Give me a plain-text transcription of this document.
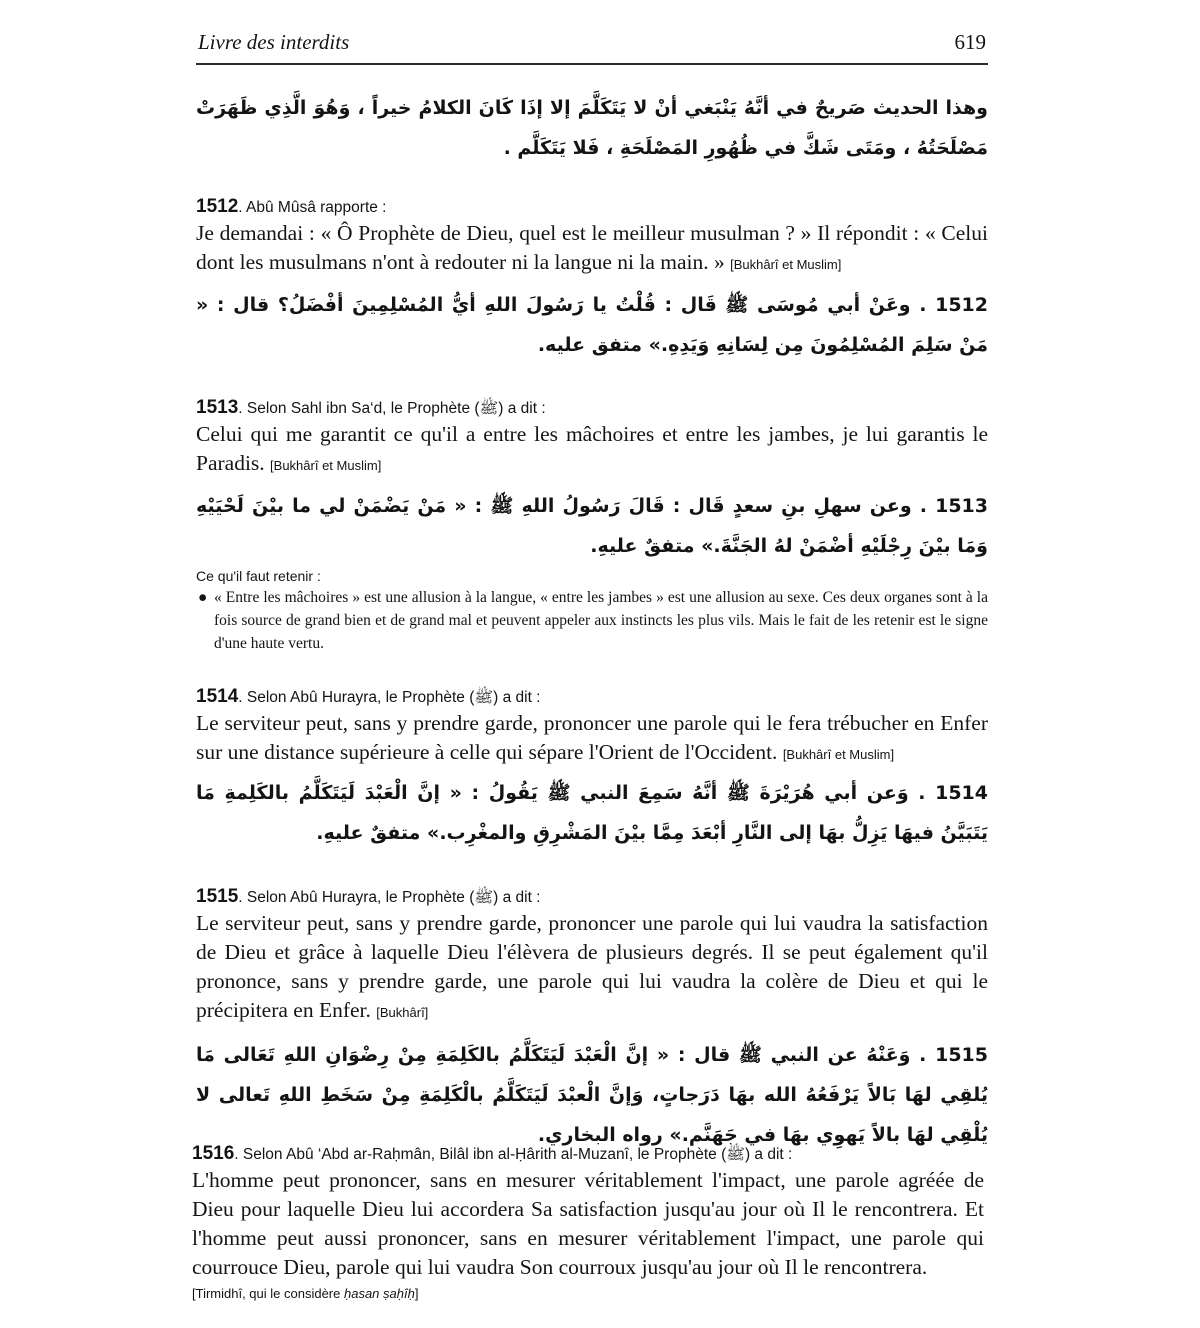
Livre des interdits	619
وهذا الحديث صَريحٌ في أنَّهُ يَنْبَغي أنْ لا يَتَكَلَّمَ إلا إذَا كَانَ الكلامُ خيراً ، وَهُوَ الَّذِي ظَهَرَتْ مَصْلَحَتُهُ ، ومَتَى شَكَّ في ظُهُورِ المَصْلَحَةِ ، فَلا يَتَكَلَّم .
1512. Abû Mûsâ rapporte :
Je demandai : « Ô Prophète de Dieu, quel est le meilleur musulman ? » Il répondit : « Celui dont les musulmans n'ont à redouter ni la langue ni la main. » [Bukhârî et Muslim]
1512 . وعَنْ أبي مُوسَى ﷺ قَال : قُلْتُ يا رَسُولَ اللهِ أيُّ المُسْلِمِينَ أفْضَلُ؟ قال : « مَنْ سَلِمَ المُسْلِمُونَ مِن لِسَانِهِ وَيَدِهِ.» متفق عليه.
1513. Selon Sahl ibn Sa‘d, le Prophète (ﷺ) a dit :
Celui qui me garantit ce qu'il a entre les mâchoires et entre les jambes, je lui garantis le Paradis. [Bukhârî et Muslim]
1513 . وعن سهلِ بنِ سعدٍ قَال : قَالَ رَسُولُ اللهِ ﷺ : « مَنْ يَضْمَنْ لي ما بيْنَ لَحْيَيْهِ وَمَا بيْنَ رِجْلَيْهِ أضْمَنْ لهُ الجَنَّةَ.» متفقٌ عليهِ.
Ce qu'il faut retenir :
● « Entre les mâchoires » est une allusion à la langue, « entre les jambes » est une allusion au sexe. Ces deux organes sont à la fois source de grand bien et de grand mal et peuvent appeler aux instincts les plus vils. Mais le fait de les retenir est le signe d'une haute vertu.
1514. Selon Abû Hurayra, le Prophète (ﷺ) a dit :
Le serviteur peut, sans y prendre garde, prononcer une parole qui le fera trébucher en Enfer sur une distance supérieure à celle qui sépare l'Orient de l'Occident. [Bukhârî et Muslim]
1514 . وَعن أبي هُرَيْرَةَ ﷺ أنَّهُ سَمِعَ النبي ﷺ يَقُولُ : « إنَّ الْعَبْدَ لَيَتَكَلَّمُ بالكَلِمةِ مَا يَتَبَيَّنُ فيهَا يَزِلُّ بهَا إلى النَّارِ أبْعَدَ مِمَّا بيْنَ المَشْرِقِ والمغْرِب.» متفقٌ عليهِ.
1515. Selon Abû Hurayra, le Prophète (ﷺ) a dit :
Le serviteur peut, sans y prendre garde, prononcer une parole qui lui vaudra la satisfaction de Dieu et grâce à laquelle Dieu l'élèvera de plusieurs degrés. Il se peut également qu'il prononce, sans y prendre garde, une parole qui lui vaudra la colère de Dieu et qui le précipitera en Enfer. [Bukhârî]
1515 . وَعَنْهُ عن النبي ﷺ قال : « إنَّ الْعَبْدَ لَيَتَكَلَّمُ بالكَلِمَةِ مِنْ رِضْوَانِ اللهِ تَعَالى مَا يُلقِي لهَا بَالاً يَرْفَعُهُ الله بهَا دَرَجاتٍ، وَإنَّ الْعبْدَ لَيَتَكَلَّمُ بالْكَلِمَةِ مِنْ سَخَطِ اللهِ تَعالى لا يُلْقِي لهَا بالاً يَهوِي بهَا في جَهَنَّم.» رواه البخاري.
1516. Selon Abû ‘Abd ar-Raḥmân, Bilâl ibn al-Ḥârith al-Muzanî, le Prophète (ﷺ) a dit :
L'homme peut prononcer, sans en mesurer véritablement l'impact, une parole agréée de Dieu pour laquelle Dieu lui accordera Sa satisfaction jusqu'au jour où Il le rencontrera. Et l'homme peut aussi prononcer, sans en mesurer véritablement l'impact, une parole qui courrouce Dieu, parole qui lui vaudra Son courroux jusqu'au jour où Il le rencontrera.
[Tirmidhî, qui le considère ḥasan ṣaḥîḥ]
